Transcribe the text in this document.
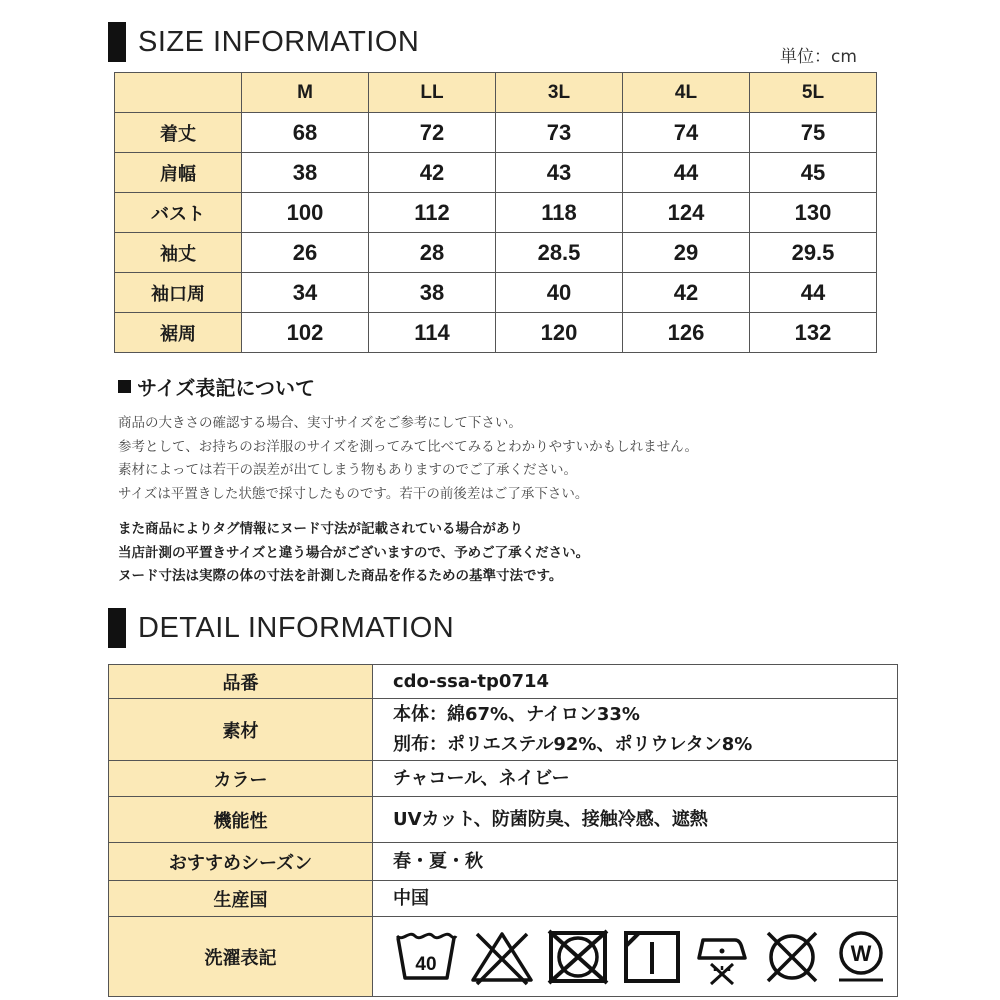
SIZE INFORMATION	単位：cm
	M	LL	3L	4L	5L
着丈	68	72	73	74	75
肩幅	38	42	43	44	45
バスト	100	112	118	124	130
袖丈	26	28	28.5	29	29.5
袖口周	34	38	40	42	44
裾周	102	114	120	126	132
サイズ表記について
商品の大きさの確認する場合、実寸サイズをご参考にして下さい。
参考として、お持ちのお洋服のサイズを測ってみて比べてみるとわかりやすいかもしれません。
素材によっては若干の誤差が出てしまう物もありますのでご了承ください。
サイズは平置きした状態で採寸したものです。若干の前後差はご了承下さい。
また商品によりタグ情報にヌード寸法が記載されている場合があり
当店計測の平置きサイズと違う場合がございますので、予めご了承ください。
ヌード寸法は実際の体の寸法を計測した商品を作るための基準寸法です。
DETAIL INFORMATION
品番	cdo-ssa-tp0714

素材	本体：綿67%、ナイロン33%
別布：ポリエステル92%、ポリウレタン8%

カラー	チャコール、ネイビー

機能性	UVカット、防菌防臭、接触冷感、遮熱

おすすめシーズン	春・夏・秋

生産国	中国

洗濯表記	40 W
